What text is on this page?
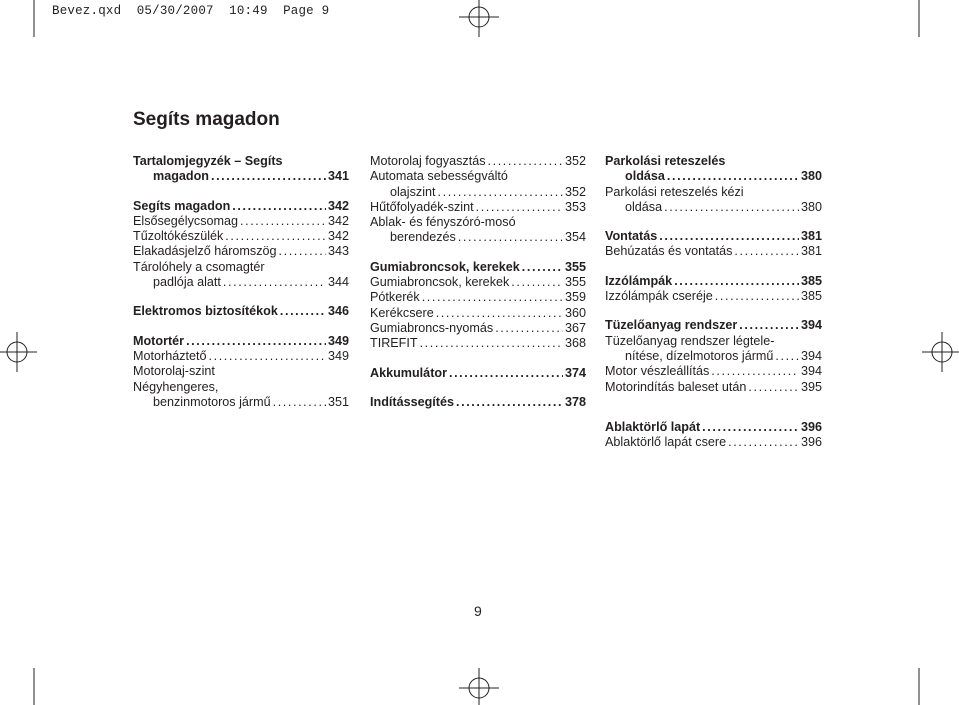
Bevez.qxd 05/30/2007 10:49 Page 9
Segíts magadon
Tartalomjegyzék – Segíts
magadon .....	341
Segíts magadon .....	342
Elsősegélycsomag .....	342
Tűzoltókészülék .....	342
Elakadásjelző háromszög .....	343
Tárolóhely a csomagtér
padlója alatt .....	344
Elektromos biztosítékok .....	346
Motortér .....	349
Motorháztető .....	349
Motorolaj-szint
Négyhengeres,
benzinmotoros jármű .....	351
Motorolaj fogyasztás .....	352
Automata sebességváltó
olajszint .....	352
Hűtőfolyadék-szint .....	353
Ablak- és fényszóró-mosó
berendezés .....	354
Gumiabroncsok, kerekek .....	355
Gumiabroncsok, kerekek .....	355
Pótkerék .....	359
Kerékcsere .....	360
Gumiabroncs-nyomás .....	367
TIREFIT .....	368
Akkumulátor .....	374
Indítássegítés .....	378
Parkolási reteszelés
oldása .....	380
Parkolási reteszelés kézi
oldása .....	380
Vontatás .....	381
Behúzatás és vontatás .....	381
Izzólámpák .....	385
Izzólámpák cseréje .....	385
Tüzelőanyag rendszer .....	394
Tüzelőanyag rendszer légtele-
nítése, dízelmotoros jármű ..... 394
Motor vészleállítás .....	394
Motorindítás baleset után .....	395
Ablaktörlő lapát .....	396
Ablaktörlő lapát csere .....	396
9
